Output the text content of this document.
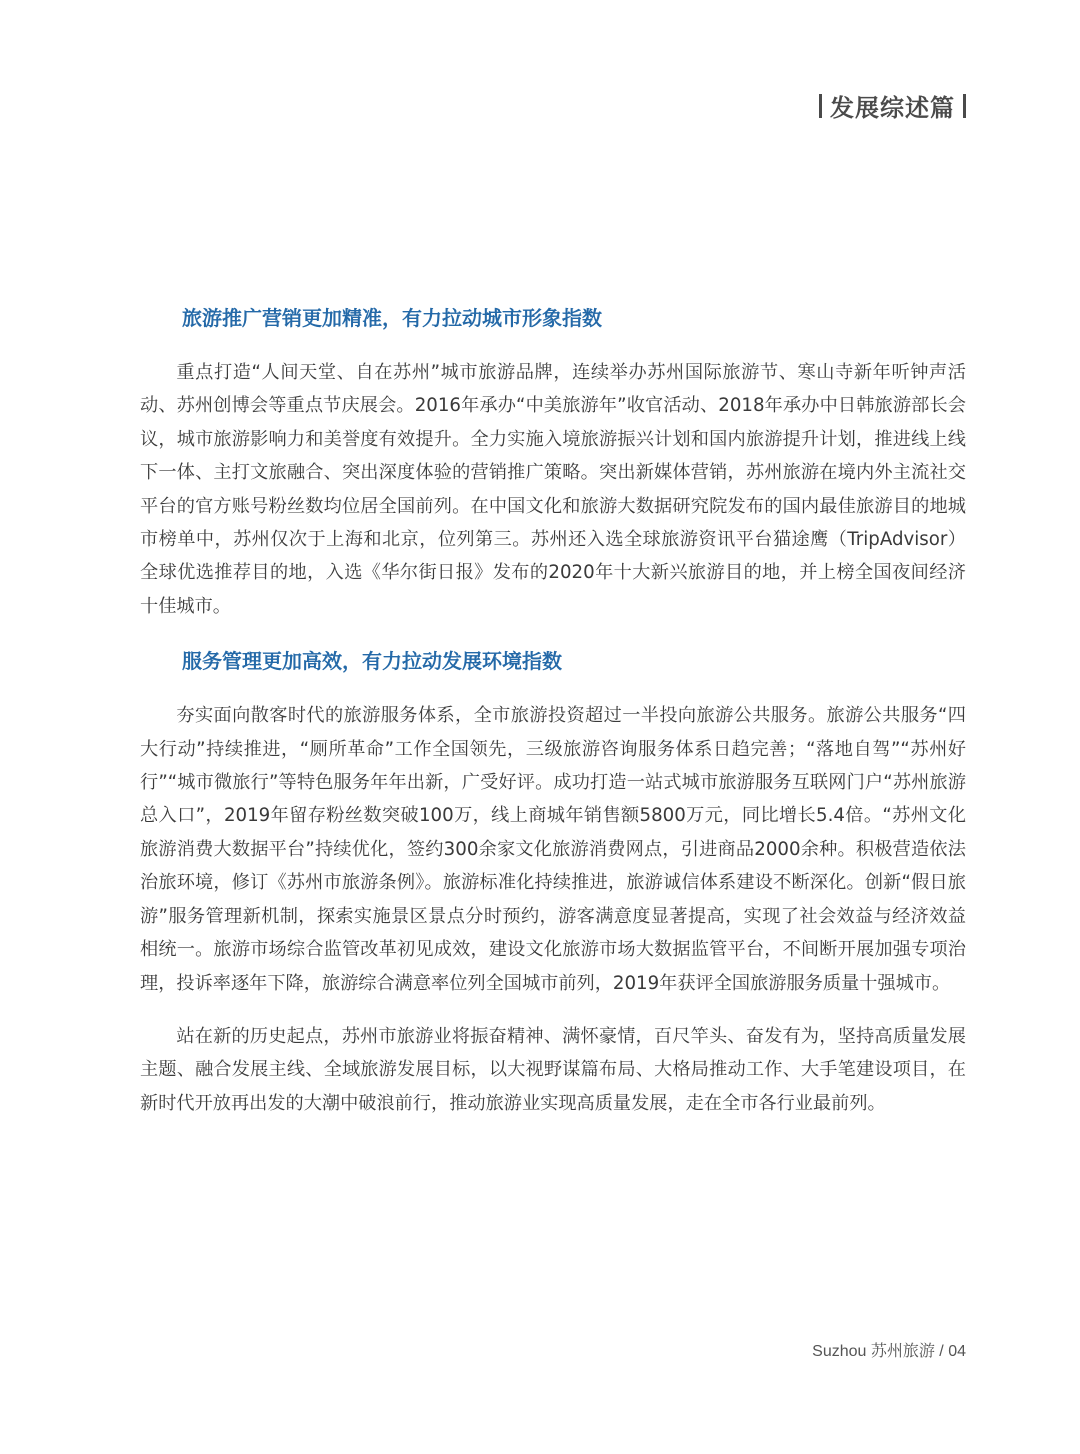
发展综述篇
旅游推广营销更加精准，有力拉动城市形象指数

重点打造“人间天堂、自在苏州”城市旅游品牌，连续举办苏州国际旅游节、寒山寺新年听钟声活动、苏州创博会等重点节庆展会。2016年承办“中美旅游年”收官活动、2018年承办中日韩旅游部长会议，城市旅游影响力和美誉度有效提升。全力实施入境旅游振兴计划和国内旅游提升计划，推进线上线下一体、主打文旅融合、突出深度体验的营销推广策略。突出新媒体营销，苏州旅游在境内外主流社交平台的官方账号粉丝数均位居全国前列。在中国文化和旅游大数据研究院发布的国内最佳旅游目的地城市榜单中，苏州仅次于上海和北京，位列第三。苏州还入选全球旅游资讯平台猫途鹰（TripAdvisor）全球优选推荐目的地，入选《华尔街日报》发布的2020年十大新兴旅游目的地，并上榜全国夜间经济十佳城市。

服务管理更加高效，有力拉动发展环境指数

夯实面向散客时代的旅游服务体系，全市旅游投资超过一半投向旅游公共服务。旅游公共服务“四大行动”持续推进，“厕所革命”工作全国领先，三级旅游咨询服务体系日趋完善；“落地自驾”“苏州好行”“城市微旅行”等特色服务年年出新，广受好评。成功打造一站式城市旅游服务互联网门户“苏州旅游总入口”，2019年留存粉丝数突破100万，线上商城年销售额5800万元，同比增长5.4倍。“苏州文化旅游消费大数据平台”持续优化，签约300余家文化旅游消费网点，引进商品2000余种。积极营造依法治旅环境，修订《苏州市旅游条例》。旅游标准化持续推进，旅游诚信体系建设不断深化。创新“假日旅游”服务管理新机制，探索实施景区景点分时预约，游客满意度显著提高，实现了社会效益与经济效益相统一。旅游市场综合监管改革初见成效，建设文化旅游市场大数据监管平台，不间断开展加强专项治理，投诉率逐年下降，旅游综合满意率位列全国城市前列，2019年获评全国旅游服务质量十强城市。

站在新的历史起点，苏州市旅游业将振奋精神、满怀豪情，百尺竿头、奋发有为，坚持高质量发展主题、融合发展主线、全域旅游发展目标，以大视野谋篇布局、大格局推动工作、大手笔建设项目，在新时代开放再出发的大潮中破浪前行，推动旅游业实现高质量发展，走在全市各行业最前列。

Suzhou 苏州旅游 / 04
